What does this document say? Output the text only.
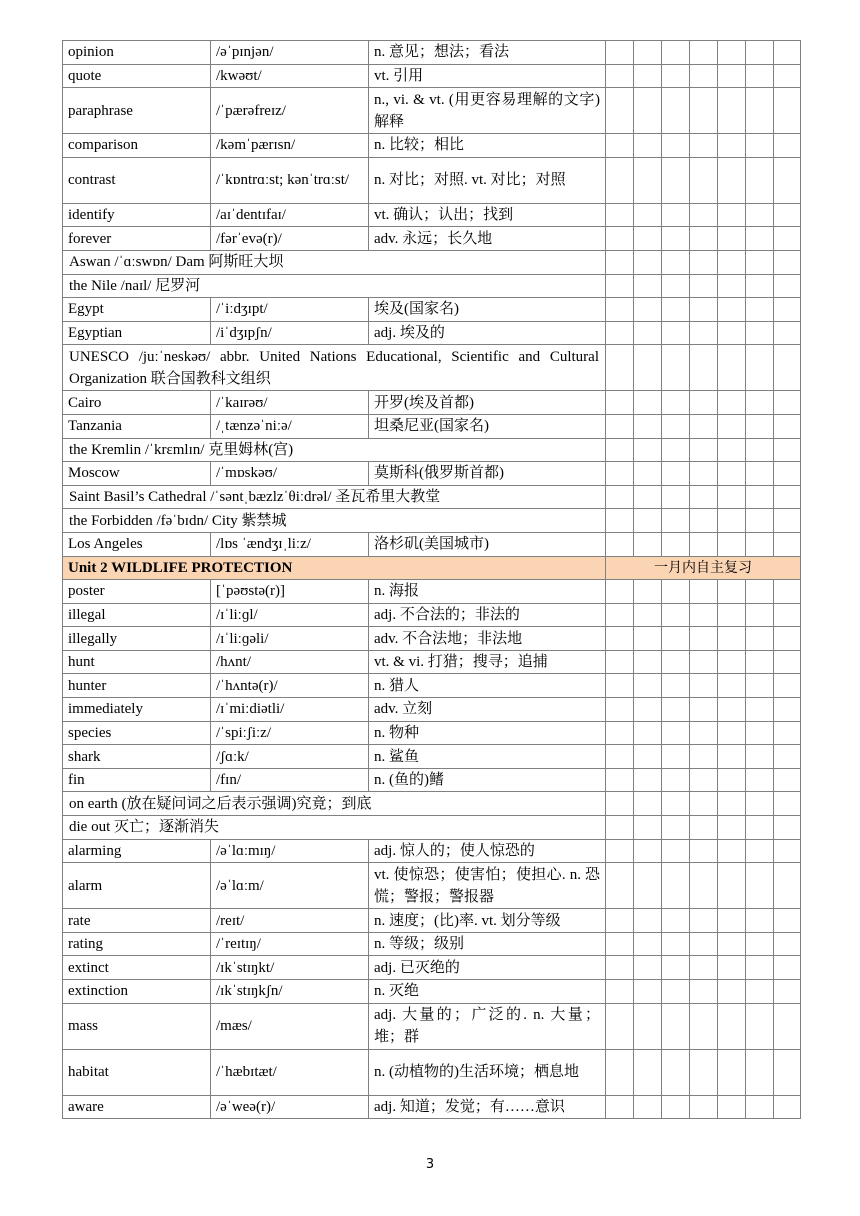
opinion	/əˈpɪnjən/	n. 意见；想法；看法							
quote	/kwəʊt/	vt. 引用							
paraphrase	/ˈpærəfreɪz/	n., vi. & vt. (用更容易理解的文字)解释							
comparison	/kəmˈpærɪsn/	n. 比较；相比							
contrast	/ˈkɒntrɑːst; kənˈtrɑːst/	n. 对比；对照. vt. 对比；对照							
identify	/aɪˈdentɪfaɪ/	vt. 确认；认出；找到							
forever	/fərˈevə(r)/	adv. 永远；长久地							
Aswan /ˈɑːswɒn/ Dam 阿斯旺大坝									
the Nile /naɪl/ 尼罗河									
Egypt	/ˈiːdʒɪpt/	埃及(国家名)							
Egyptian	/iˈdʒɪpʃn/	adj. 埃及的							
UNESCO /juːˈneskəʊ/ abbr. United Nations Educational, Scientific and Cultural Organization 联合国教科文组织									
Cairo	/ˈkaɪrəʊ/	开罗(埃及首都)							
Tanzania	/ˌtænzəˈniːə/	坦桑尼亚(国家名)							
the Kremlin /ˈkrɛmlɪn/ 克里姆林(宫)									
Moscow	/ˈmɒskəʊ/	莫斯科(俄罗斯首都)							
Saint Basil’s Cathedral /ˈsəntˌbæzlzˈθiːdrəl/ 圣瓦希里大教堂									
the Forbidden /fəˈbɪdn/ City 紫禁城									
Los Angeles	/lɒs ˈændʒɪˌliːz/	洛杉矶(美国城市)							
Unit 2 WILDLIFE PROTECTION			一月内自主复习						
poster	[ˈpəʊstə(r)]	n. 海报							
illegal	/ɪˈliːɡl/	adj. 不合法的；非法的							
illegally	/ɪˈliːɡəli/	adv. 不合法地；非法地							
hunt	/hʌnt/	vt. & vi. 打猎；搜寻；追捕							
hunter	/ˈhʌntə(r)/	n. 猎人							
immediately	/ɪˈmiːdiətli/	adv. 立刻							
species	/ˈspiːʃiːz/	n. 物种							
shark	/ʃɑːk/	n. 鲨鱼							
fin	/fɪn/	n. (鱼的)鳍							
on earth (放在疑问词之后表示强调)究竟；到底									
die out 灭亡；逐渐消失									
alarming	/əˈlɑːmɪŋ/	adj. 惊人的；使人惊恐的							
alarm	/əˈlɑːm/	vt. 使惊恐；使害怕；使担心. n. 恐慌；警报；警报器							
rate	/reɪt/	n. 速度；(比)率. vt. 划分等级							
rating	/ˈreɪtɪŋ/	n. 等级；级别							
extinct	/ɪkˈstɪŋkt/	adj. 已灭绝的							
extinction	/ɪkˈstɪŋkʃn/	n. 灭绝							
mass	/mæs/	adj. 大量的；广泛的. n. 大量；堆；群							
habitat	/ˈhæbɪtæt/	n. (动植物的)生活环境；栖息地							
aware	/əˈweə(r)/	adj. 知道；发觉；有……意识							
3
